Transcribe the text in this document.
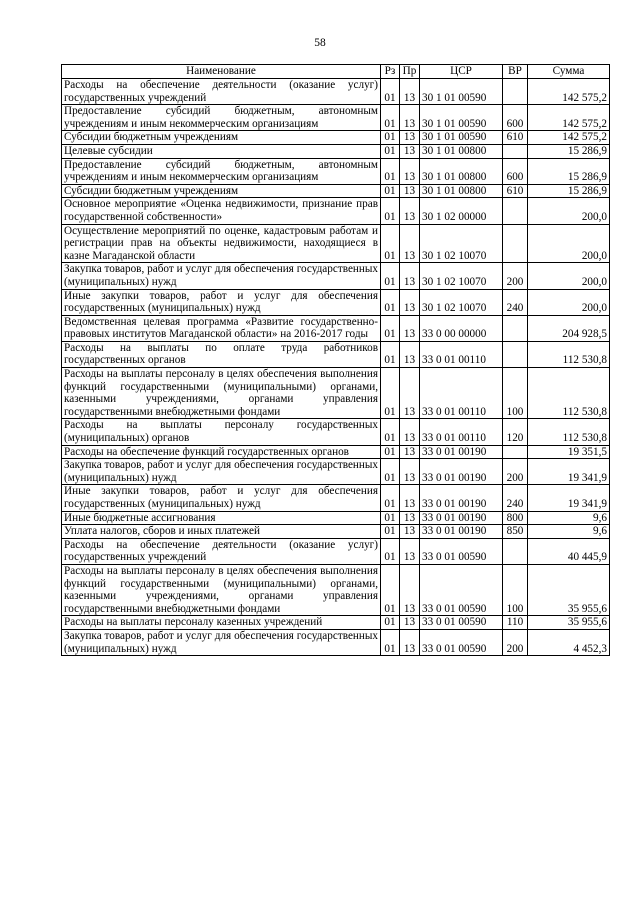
58
Наименование	Рз	Пр	ЦСР	ВР	Сумма
Расходы на обеспечение деятельности (оказание услуг) государственных учреждений	01	13	30 1 01 00590		142 575,2
Предоставление субсидий бюджетным, автономным учреждениям и иным некоммерческим организациям	01	13	30 1 01 00590	600	142 575,2
Субсидии бюджетным учреждениям	01	13	30 1 01 00590	610	142 575,2
Целевые субсидии	01	13	30 1 01 00800		15 286,9
Предоставление субсидий бюджетным, автономным учреждениям и иным некоммерческим организациям	01	13	30 1 01 00800	600	15 286,9
Субсидии бюджетным учреждениям	01	13	30 1 01 00800	610	15 286,9
Основное мероприятие «Оценка недвижимости, признание прав государственной собственности»	01	13	30 1 02 00000		200,0
Осуществление мероприятий по оценке, кадастровым работам и регистрации прав на объекты недвижимости, находящиеся в казне Магаданской области	01	13	30 1 02 10070		200,0
Закупка товаров, работ и услуг для обеспечения государственных (муниципальных) нужд	01	13	30 1 02 10070	200	200,0
Иные закупки товаров, работ и услуг для обеспечения государственных (муниципальных) нужд	01	13	30 1 02 10070	240	200,0
Ведомственная целевая программа «Развитие государственно-правовых институтов Магаданской области» на 2016-2017 годы	01	13	33 0 00 00000		204 928,5
Расходы на выплаты по оплате труда работников государственных органов	01	13	33 0 01 00110		112 530,8
Расходы на выплаты персоналу в целях обеспечения выполнения функций государственными (муниципальными) органами, казенными учреждениями, органами управления государственными внебюджетными фондами	01	13	33 0 01 00110	100	112 530,8
Расходы на выплаты персоналу государственных (муниципальных) органов	01	13	33 0 01 00110	120	112 530,8
Расходы на обеспечение функций государственных органов	01	13	33 0 01 00190		19 351,5
Закупка товаров, работ и услуг для обеспечения государственных (муниципальных) нужд	01	13	33 0 01 00190	200	19 341,9
Иные закупки товаров, работ и услуг для обеспечения государственных (муниципальных) нужд	01	13	33 0 01 00190	240	19 341,9
Иные бюджетные ассигнования	01	13	33 0 01 00190	800	9,6
Уплата налогов, сборов и иных платежей	01	13	33 0 01 00190	850	9,6
Расходы на обеспечение деятельности (оказание услуг) государственных учреждений	01	13	33 0 01 00590		40 445,9
Расходы на выплаты персоналу в целях обеспечения выполнения функций государственными (муниципальными) органами, казенными учреждениями, органами управления государственными внебюджетными фондами	01	13	33 0 01 00590	100	35 955,6
Расходы на выплаты персоналу казенных учреждений	01	13	33 0 01 00590	110	35 955,6
Закупка товаров, работ и услуг для обеспечения государственных (муниципальных) нужд	01	13	33 0 01 00590	200	4 452,3
